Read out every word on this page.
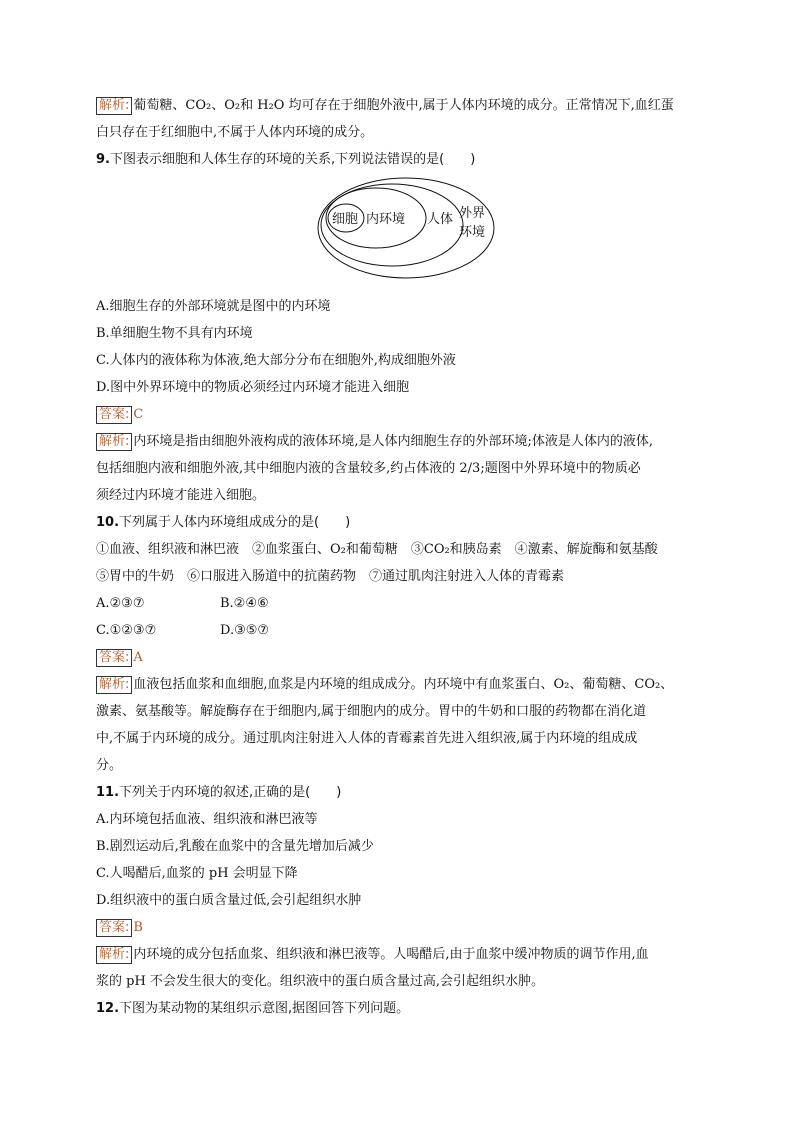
解析: 葡萄糖、CO₂、O₂和 H₂O 均可存在于细胞外液中,属于人体内环境的成分。正常情况下,血红蛋
白只存在于红细胞中,不属于人体内环境的成分。
9.下图表示细胞和人体生存的环境的关系,下列说法错误的是(　　)
细胞 内环境 人体 外界
环境
A.细胞生存的外部环境就是图中的内环境
B.单细胞生物不具有内环境
C.人体内的液体称为体液,绝大部分分布在细胞外,构成细胞外液
D.图中外界环境中的物质必须经过内环境才能进入细胞
答案: C
解析: 内环境是指由细胞外液构成的液体环境,是人体内细胞生存的外部环境;体液是人体内的液体,
包括细胞内液和细胞外液,其中细胞内液的含量较多,约占体液的 2/3;题图中外界环境中的物质必
须经过内环境才能进入细胞。
10.下列属于人体内环境组成成分的是(　　)
①血液、组织液和淋巴液　②血浆蛋白、O₂和葡萄糖　③CO₂和胰岛素　④激素、解旋酶和氨基酸
⑤胃中的牛奶　⑥口服进入肠道中的抗菌药物　⑦通过肌肉注射进入人体的青霉素
A.②③⑦	B.②④⑥
C.①②③⑦	D.③⑤⑦
答案: A
解析: 血液包括血浆和血细胞,血浆是内环境的组成成分。内环境中有血浆蛋白、O₂、葡萄糖、CO₂、
激素、氨基酸等。解旋酶存在于细胞内,属于细胞内的成分。胃中的牛奶和口服的药物都在消化道
中,不属于内环境的成分。通过肌肉注射进入人体的青霉素首先进入组织液,属于内环境的组成成
分。
11.下列关于内环境的叙述,正确的是(　　)
A.内环境包括血液、组织液和淋巴液等
B.剧烈运动后,乳酸在血浆中的含量先增加后减少
C.人喝醋后,血浆的 pH 会明显下降
D.组织液中的蛋白质含量过低,会引起组织水肿
答案: B
解析: 内环境的成分包括血浆、组织液和淋巴液等。人喝醋后,由于血浆中缓冲物质的调节作用,血
浆的 pH 不会发生很大的变化。组织液中的蛋白质含量过高,会引起组织水肿。
12.下图为某动物的某组织示意图,据图回答下列问题。
